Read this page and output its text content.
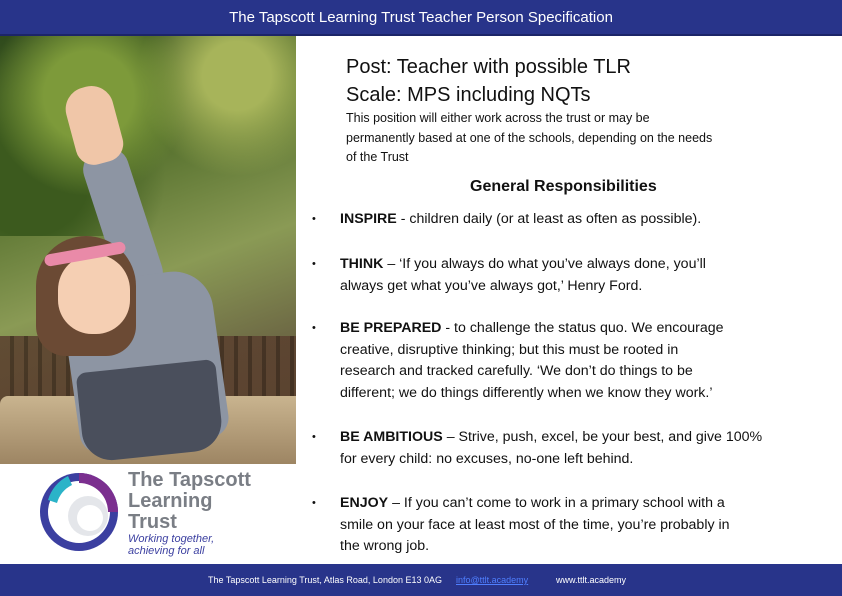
The Tapscott Learning Trust Teacher Person Specification
The Tapscott
Learning
Trust
Working together,
achieving for all
Post: Teacher with possible TLR
Scale: MPS including NQTs
This position will either work across the trust or may be
permanently based at one of the schools, depending on the needs
of the Trust
General Responsibilities
• INSPIRE - children daily (or at least as often as possible).
• THINK – ‘If you always do what you’ve always done, you’ll
always get what you’ve always got,’ Henry Ford.
• BE PREPARED - to challenge the status quo. We encourage
creative, disruptive thinking; but this must be rooted in
research and tracked carefully. ‘We don’t do things to be
different; we do things differently when we know they work.’
• BE AMBITIOUS – Strive, push, excel, be your best, and give 100%
for every child: no excuses, no-one left behind.
• ENJOY – If you can’t come to work in a primary school with a
smile on your face at least most of the time, you’re probably in
the wrong job.
The Tapscott Learning Trust, Atlas Road, London E13 0AG info@ttlt.academy	www.ttlt.academy
